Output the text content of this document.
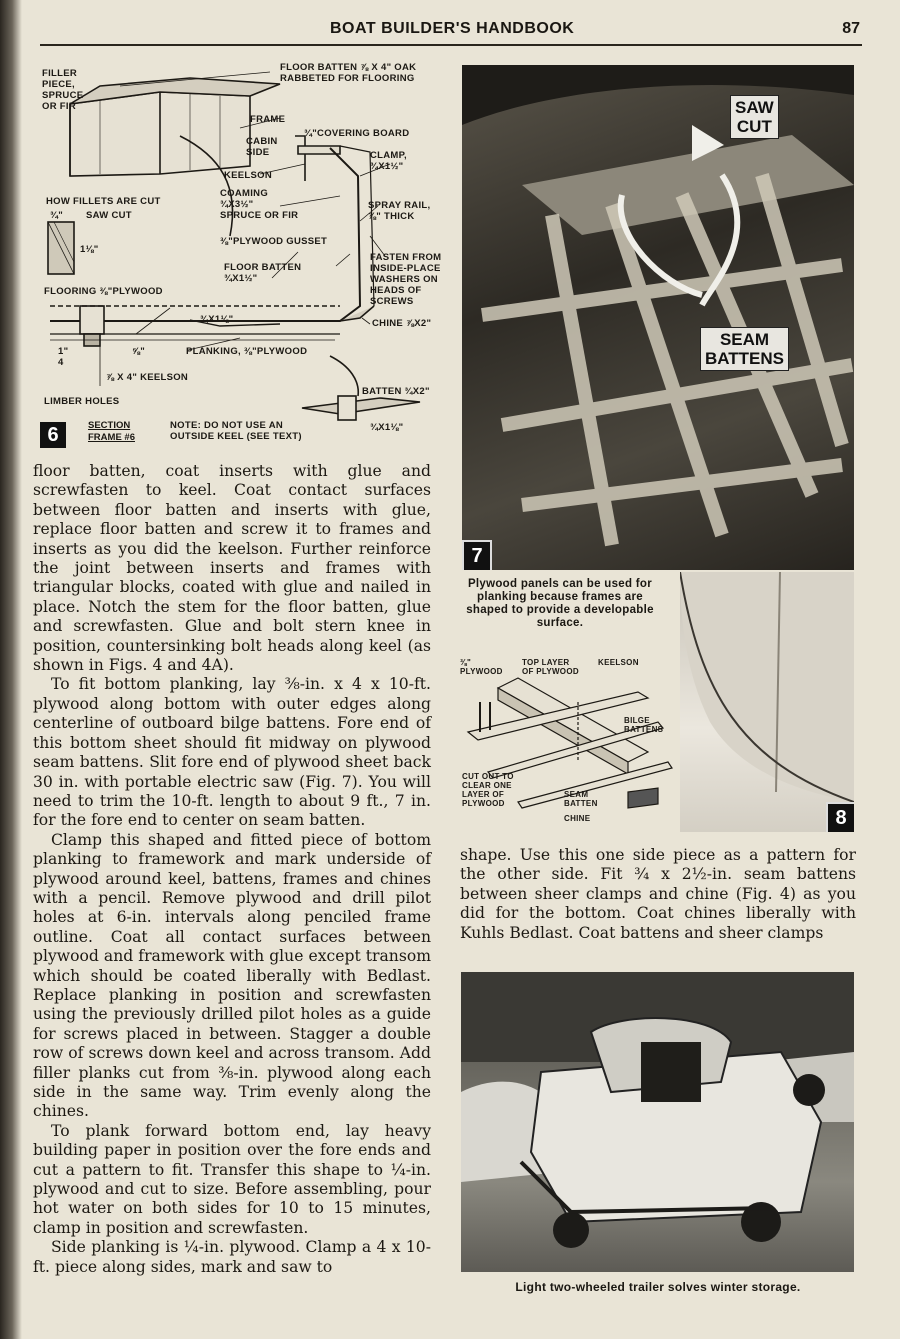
BOAT BUILDER'S HANDBOOK	87
FILLER
PIECE,
SPRUCE
OR FIR
FLOOR BATTEN ⅞ X 4" OAK
RABBETED FOR FLOORING
FRAME
CABIN
SIDE
¾"COVERING BOARD
CLAMP,
¾X1½"
KEELSON
COAMING
¾X3½"
SPRUCE OR FIR
HOW FILLETS ARE CUT
¾" SAW CUT
1⅛"
SPRAY RAIL,
⅞" THICK
⅜"PLYWOOD GUSSET
FASTEN FROM
INSIDE-PLACE
WASHERS ON
HEADS OF
SCREWS
FLOOR BATTEN
¾X1½"
FLOORING ⅜"PLYWOOD
¾X1⅛"	CHINE ⅞X2"
1"
4
⅝"	PLANKING, ⅜"PLYWOOD
⅞ X 4" KEELSON
LIMBER HOLES
BATTEN ¾X2"
¾X1⅛"
6	SECTION
FRAME #6
NOTE: DO NOT USE AN
OUTSIDE KEEL (SEE TEXT)

floor batten, coat inserts with glue and screwfasten to keel. Coat contact surfaces between floor batten and inserts with glue, replace floor batten and screw it to frames and inserts as you did the keelson. Further reinforce the joint between inserts and frames with triangular blocks, coated with glue and nailed in place. Notch the stem for the floor batten, glue and screwfasten. Glue and bolt stern knee in position, countersinking bolt heads along keel (as shown in Figs. 4 and 4A).

To fit bottom planking, lay ⅜-in. x 4 x 10-ft. plywood along bottom with outer edges along centerline of outboard bilge battens. Fore end of this bottom sheet should fit midway on plywood seam battens. Slit fore end of plywood sheet back 30 in. with portable electric saw (Fig. 7). You will need to trim the 10-ft. length to about 9 ft., 7 in. for the fore end to center on seam batten.

Clamp this shaped and fitted piece of bottom planking to framework and mark underside of plywood around keel, battens, frames and chines with a pencil. Remove plywood and drill pilot holes at 6-in. intervals along penciled frame outline. Coat all contact surfaces between plywood and framework with glue except transom which should be coated liberally with Bedlast. Replace planking in position and screwfasten using the previously drilled pilot holes as a guide for screws placed in between. Stagger a double row of screws down keel and across transom. Add filler planks cut from ⅜-in. plywood along each side in the same way. Trim evenly along the chines.

To plank forward bottom end, lay heavy building paper in position over the fore ends and cut a pattern to fit. Transfer this shape to ¼-in. plywood and cut to size. Before assembling, pour hot water on both sides for 10 to 15 minutes, clamp in position and screwfasten.

Side planking is ¼-in. plywood. Clamp a 4 x 10-ft. piece along sides, mark and saw to

SAW
CUT
SEAM
BATTENS
7
Plywood panels can be used for planking because frames are shaped to provide a developable surface.
8
⅜"
PLYWOOD
TOP LAYER
OF PLYWOOD
KEELSON
BILGE
BATTENS
CUT OUT TO
CLEAR ONE
LAYER OF
PLYWOOD
SEAM
BATTEN
CHINE

shape. Use this one side piece as a pattern for the other side. Fit ¾ x 2½-in. seam battens between sheer clamps and chine (Fig. 4) as you did for the bottom. Coat chines liberally with Kuhls Bedlast. Coat battens and sheer clamps

Light two-wheeled trailer solves winter storage.
